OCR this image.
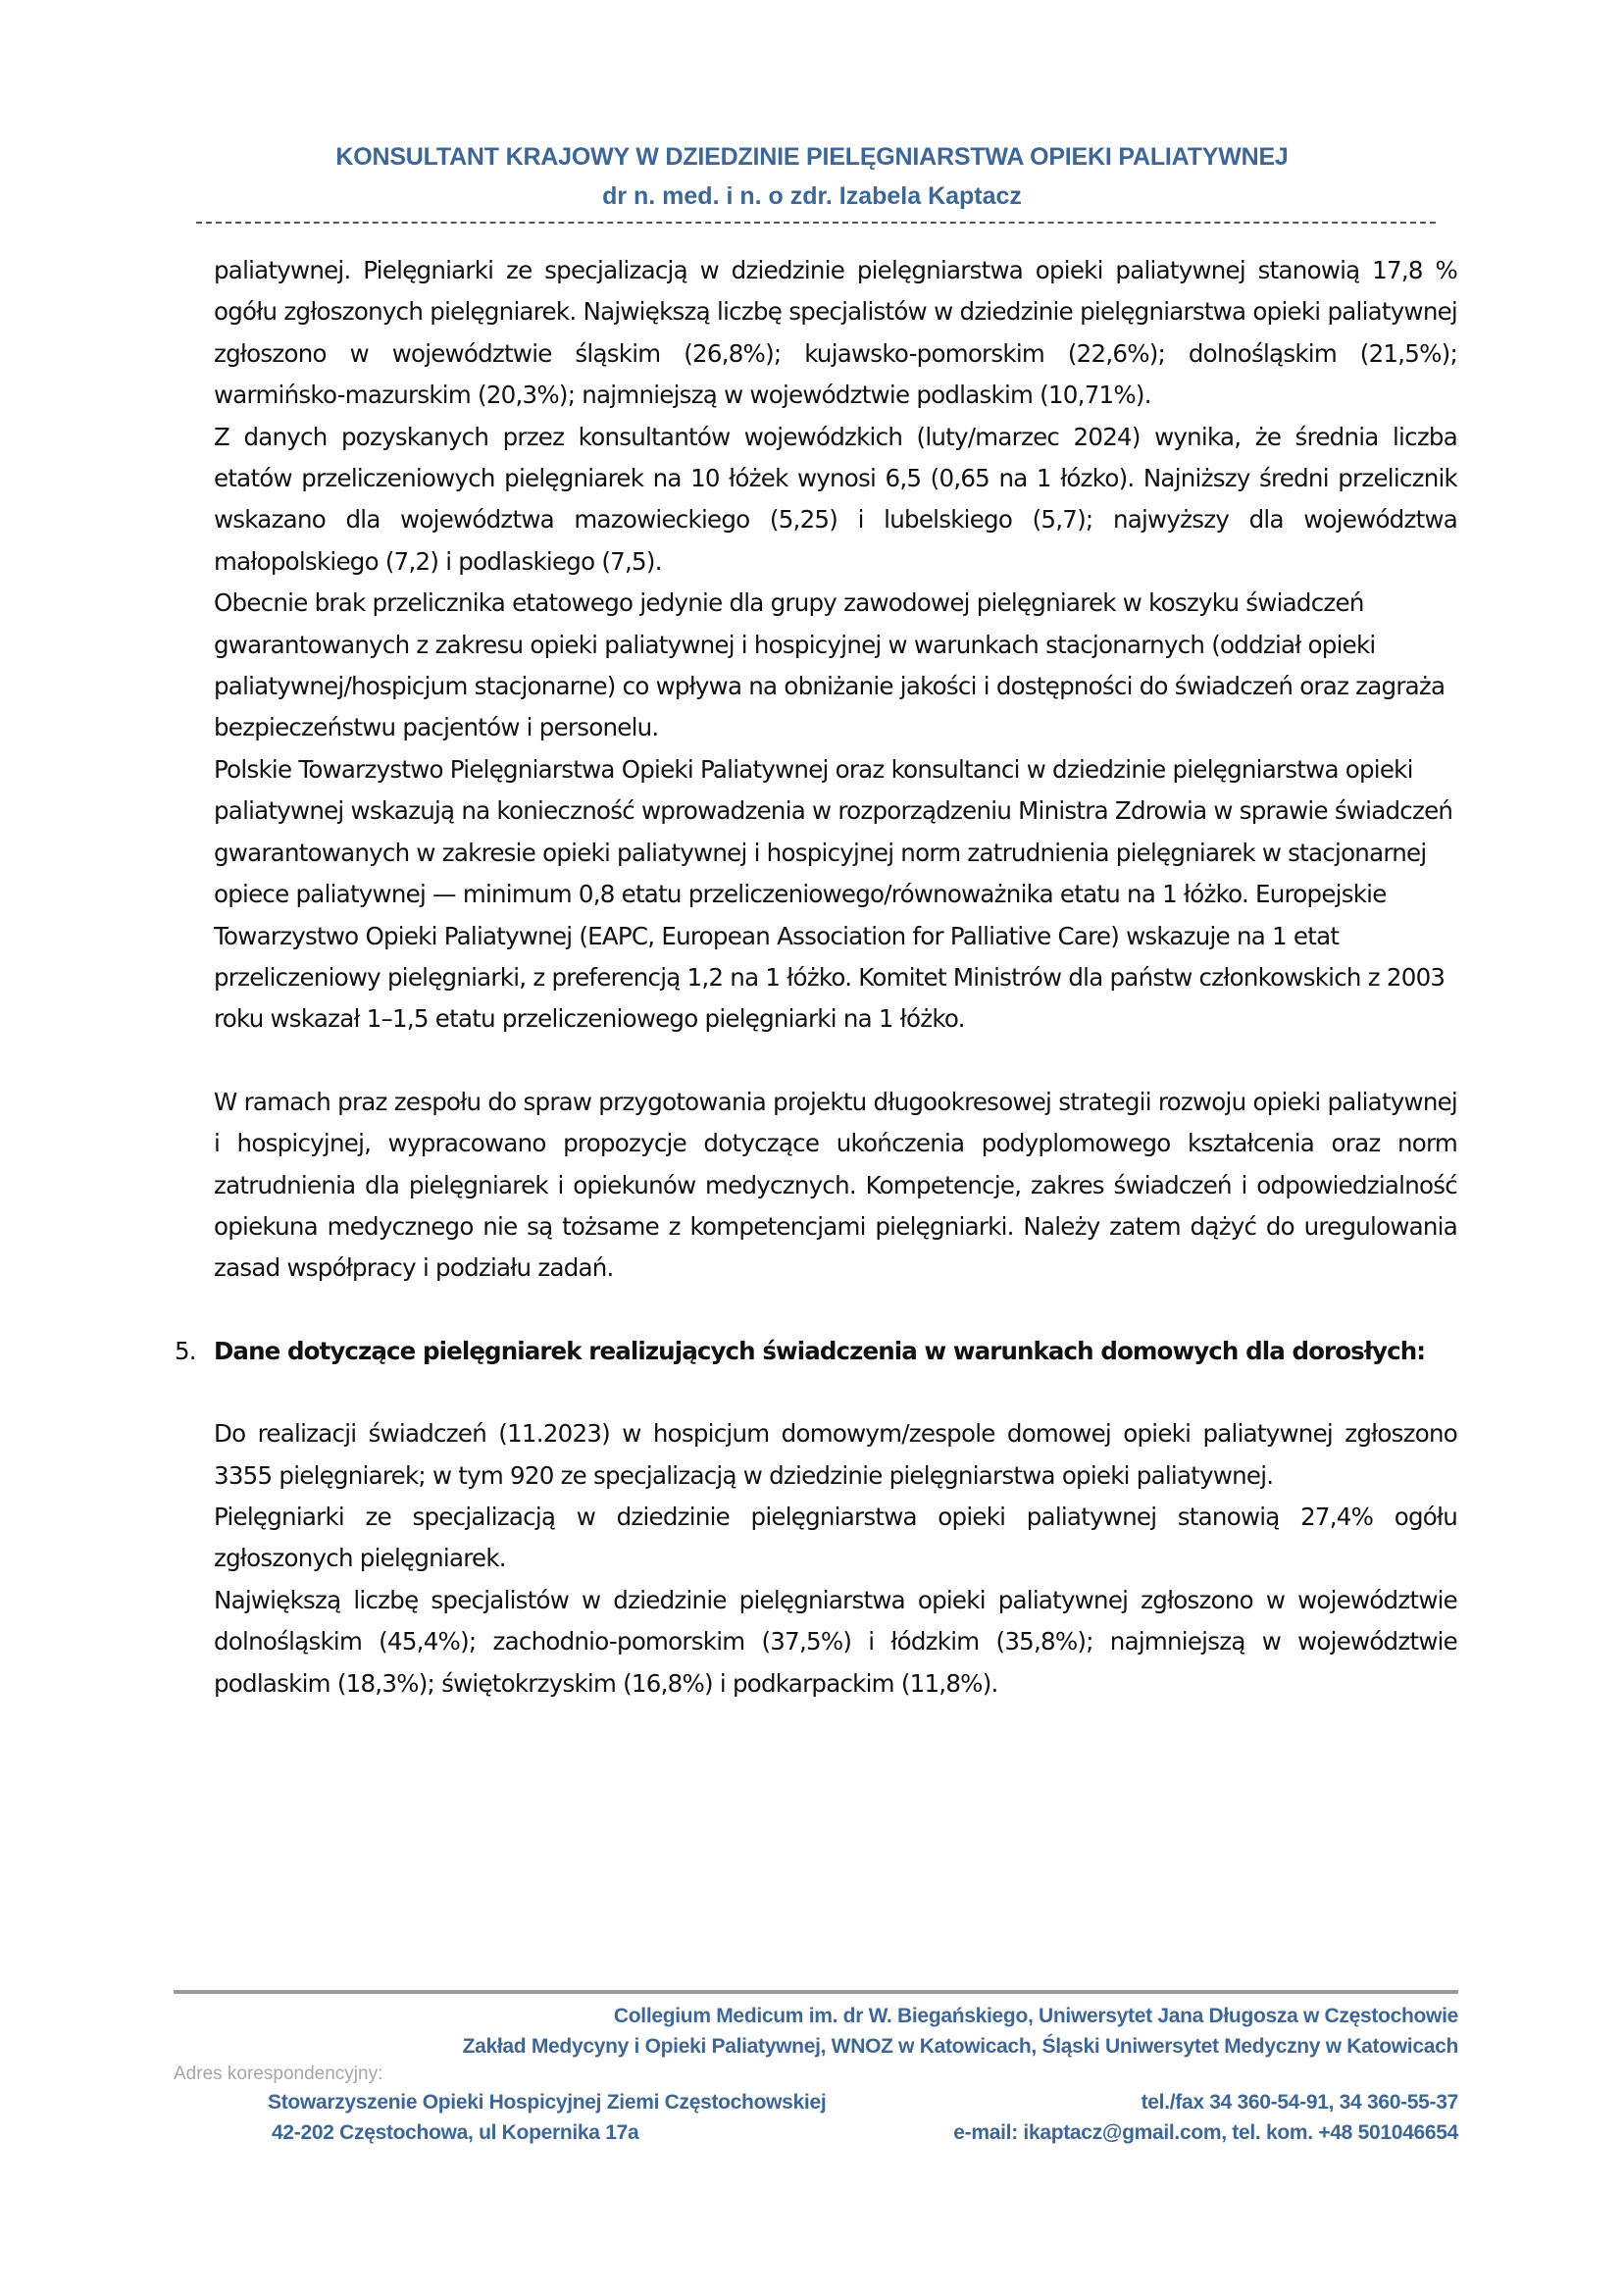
KONSULTANT KRAJOWY W DZIEDZINIE PIELĘGNIARSTWA OPIEKI PALIATYWNEJ
dr n. med. i n. o zdr. Izabela Kaptacz

paliatywnej. Pielęgniarki ze specjalizacją w dziedzinie pielęgniarstwa opieki paliatywnej stanowią 17,8 % ogółu zgłoszonych pielęgniarek. Największą liczbę specjalistów w dziedzinie pielęgniarstwa opieki paliatywnej zgłoszono w województwie śląskim (26,8%); kujawsko-pomorskim (22,6%); dolnośląskim (21,5%); warmińsko-mazurskim (20,3%); najmniejszą w województwie podlaskim (10,71%).

Z danych pozyskanych przez konsultantów wojewódzkich (luty/marzec 2024) wynika, że średnia liczba etatów przeliczeniowych pielęgniarek na 10 łóżek wynosi 6,5 (0,65 na 1 łózko). Najniższy średni przelicznik wskazano dla województwa mazowieckiego (5,25) i lubelskiego (5,7); najwyższy dla województwa małopolskiego (7,2) i podlaskiego (7,5).

Obecnie brak przelicznika etatowego jedynie dla grupy zawodowej pielęgniarek w koszyku świadczeń gwarantowanych z zakresu opieki paliatywnej i hospicyjnej w warunkach stacjonarnych (oddział opieki paliatywnej/hospicjum stacjonarne) co wpływa na obniżanie jakości i dostępności do świadczeń oraz zagraża bezpieczeństwu pacjentów i personelu.

Polskie Towarzystwo Pielęgniarstwa Opieki Paliatywnej oraz konsultanci w dziedzinie pielęgniarstwa opieki paliatywnej wskazują na konieczność wprowadzenia w rozporządzeniu Ministra Zdrowia w sprawie świadczeń gwarantowanych w zakresie opieki paliatywnej i hospicyjnej norm zatrudnienia pielęgniarek w stacjonarnej opiece paliatywnej — minimum 0,8 etatu przeliczeniowego/równoważnika etatu na 1 łóżko. Europejskie Towarzystwo Opieki Paliatywnej (EAPC, European Association for Palliative Care) wskazuje na 1 etat przeliczeniowy pielęgniarki, z preferencją 1,2 na 1 łóżko. Komitet Ministrów dla państw członkowskich z 2003 roku wskazał 1–1,5 etatu przeliczeniowego pielęgniarki na 1 łóżko.

W ramach praz zespołu do spraw przygotowania projektu długookresowej strategii rozwoju opieki paliatywnej i hospicyjnej, wypracowano propozycje dotyczące ukończenia podyplomowego kształcenia oraz norm zatrudnienia dla pielęgniarek i opiekunów medycznych. Kompetencje, zakres świadczeń i odpowiedzialność opiekuna medycznego nie są tożsame z kompetencjami pielęgniarki. Należy zatem dążyć do uregulowania zasad współpracy i podziału zadań.

5. Dane dotyczące pielęgniarek realizujących świadczenia w warunkach domowych dla dorosłych:

Do realizacji świadczeń (11.2023) w hospicjum domowym/zespole domowej opieki paliatywnej zgłoszono 3355 pielęgniarek; w tym 920 ze specjalizacją w dziedzinie pielęgniarstwa opieki paliatywnej.

Pielęgniarki ze specjalizacją w dziedzinie pielęgniarstwa opieki paliatywnej stanowią 27,4% ogółu zgłoszonych pielęgniarek.

Największą liczbę specjalistów w dziedzinie pielęgniarstwa opieki paliatywnej zgłoszono w województwie dolnośląskim (45,4%); zachodnio-pomorskim (37,5%) i łódzkim (35,8%); najmniejszą w województwie podlaskim (18,3%); świętokrzyskim (16,8%) i podkarpackim (11,8%).

Collegium Medicum im. dr W. Biegańskiego, Uniwersytet Jana Długosza w Częstochowie
Zakład Medycyny i Opieki Paliatywnej, WNOZ w Katowicach, Śląski Uniwersytet Medyczny w Katowicach
Adres korespondencyjny:
Stowarzyszenie Opieki Hospicyjnej Ziemi Częstochowskiej	tel./fax 34 360-54-91, 34 360-55-37
42-202 Częstochowa, ul Kopernika 17a	e-mail: ikaptacz@gmail.com, tel. kom. +48 501046654
